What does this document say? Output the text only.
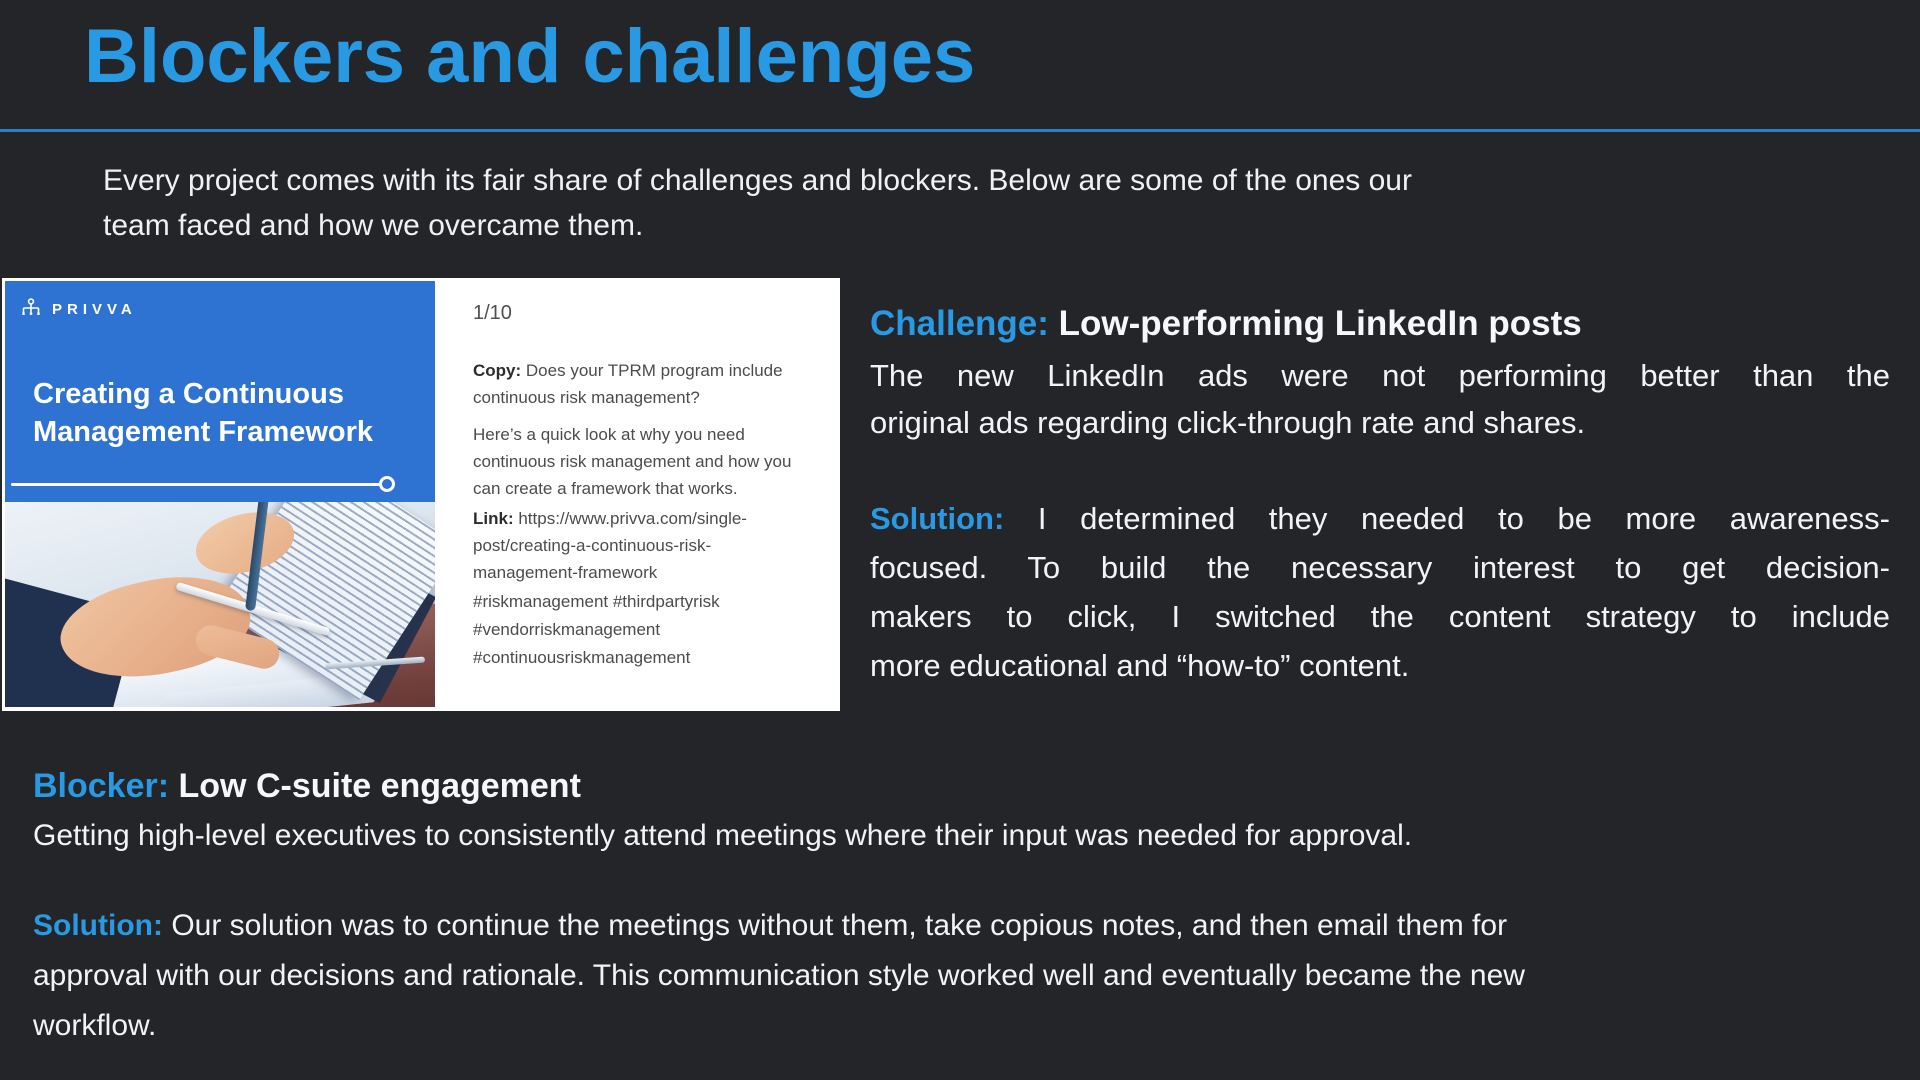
Blockers and challenges
Every project comes with its fair share of challenges and blockers. Below are some of the ones our
team faced and how we overcame them.
PRIVVA
Creating a Continuous
Management Framework
1/10
Copy: Does your TPRM program include
continuous risk management?
Here’s a quick look at why you need
continuous risk management and how you
can create a framework that works.
Link: https://www.privva.com/single-
post/creating-a-continuous-risk-
management-framework
#riskmanagement #thirdpartyrisk
#vendorriskmanagement
#continuousriskmanagement
Challenge: Low-performing LinkedIn posts
The new LinkedIn ads were not performing better than the
original ads regarding click-through rate and shares.
Solution: I determined they needed to be more awareness-
focused. To build the necessary interest to get decision-
makers to click, I switched the content strategy to include
more educational and “how-to” content.
Blocker: Low C-suite engagement
Getting high-level executives to consistently attend meetings where their input was needed for approval.
Solution: Our solution was to continue the meetings without them, take copious notes, and then email them for
approval with our decisions and rationale. This communication style worked well and eventually became the new
workflow.
